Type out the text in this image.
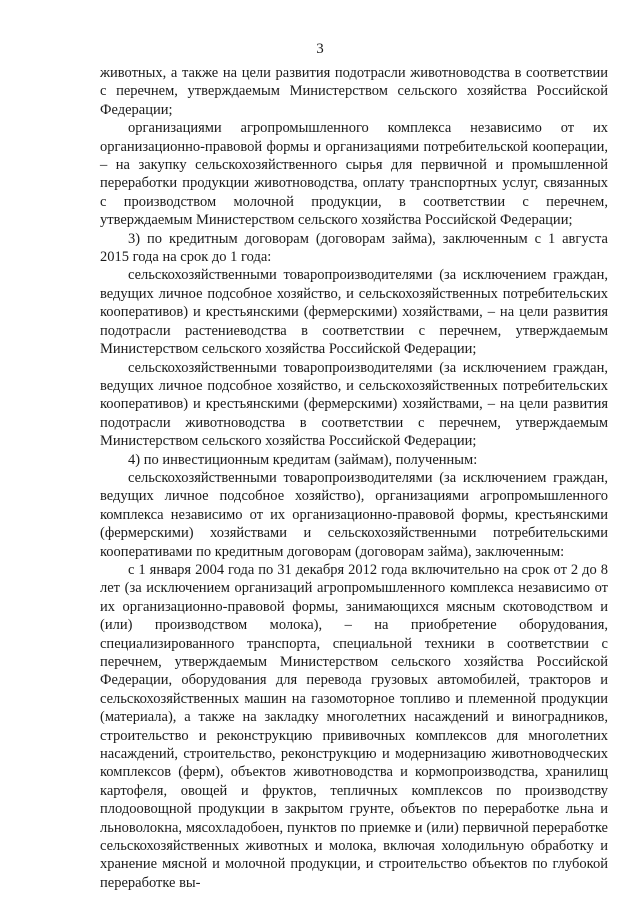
3

животных, а также на цели развития подотрасли животноводства в соответствии с перечнем, утверждаемым Министерством сельского хозяйства Российской Федерации;

организациями агропромышленного комплекса независимо от их организационно-правовой формы и организациями потребительской кооперации, – на закупку сельскохозяйственного сырья для первичной и промышленной переработки продукции животноводства, оплату транспортных услуг, связанных с производством молочной продукции, в соответствии с перечнем, утверждаемым Министерством сельского хозяйства Российской Федерации;

3) по кредитным договорам (договорам займа), заключенным с 1 августа 2015 года на срок до 1 года:

сельскохозяйственными товаропроизводителями (за исключением граждан, ведущих личное подсобное хозяйство, и сельскохозяйственных потребительских кооперативов) и крестьянскими (фермерскими) хозяйствами, – на цели развития подотрасли растениеводства в соответствии с перечнем, утверждаемым Министерством сельского хозяйства Российской Федерации;

сельскохозяйственными товаропроизводителями (за исключением граждан, ведущих личное подсобное хозяйство, и сельскохозяйственных потребительских кооперативов) и крестьянскими (фермерскими) хозяйствами, – на цели развития подотрасли животноводства в соответствии с перечнем, утверждаемым Министерством сельского хозяйства Российской Федерации;

4) по инвестиционным кредитам (займам), полученным:

сельскохозяйственными товаропроизводителями (за исключением граждан, ведущих личное подсобное хозяйство), организациями агропромышленного комплекса независимо от их организационно-правовой формы, крестьянскими (фермерскими) хозяйствами и сельскохозяйственными потребительскими кооперативами по кредитным договорам (договорам займа), заключенным:

с 1 января 2004 года по 31 декабря 2012 года включительно на срок от 2 до 8 лет (за исключением организаций агропромышленного комплекса независимо от их организационно-правовой формы, занимающихся мясным скотоводством и (или) производством молока), – на приобретение оборудования, специализированного транспорта, специальной техники в соответствии с перечнем, утверждаемым Министерством сельского хозяйства Российской Федерации, оборудования для перевода грузовых автомобилей, тракторов и сельскохозяйственных машин на газомоторное топливо и племенной продукции (материала), а также на закладку многолетних насаждений и виноградников, строительство и реконструкцию прививочных комплексов для многолетних насаждений, строительство, реконструкцию и модернизацию животноводческих комплексов (ферм), объектов животноводства и кормопроизводства, хранилищ картофеля, овощей и фруктов, тепличных комплексов по производству плодоовощной продукции в закрытом грунте, объектов по переработке льна и льноволокна, мясохладобоен, пунктов по приемке и (или) первичной переработке сельскохозяйственных животных и молока, включая холодильную обработку и хранение мясной и молочной продукции, и строительство объектов по глубокой переработке вы-
